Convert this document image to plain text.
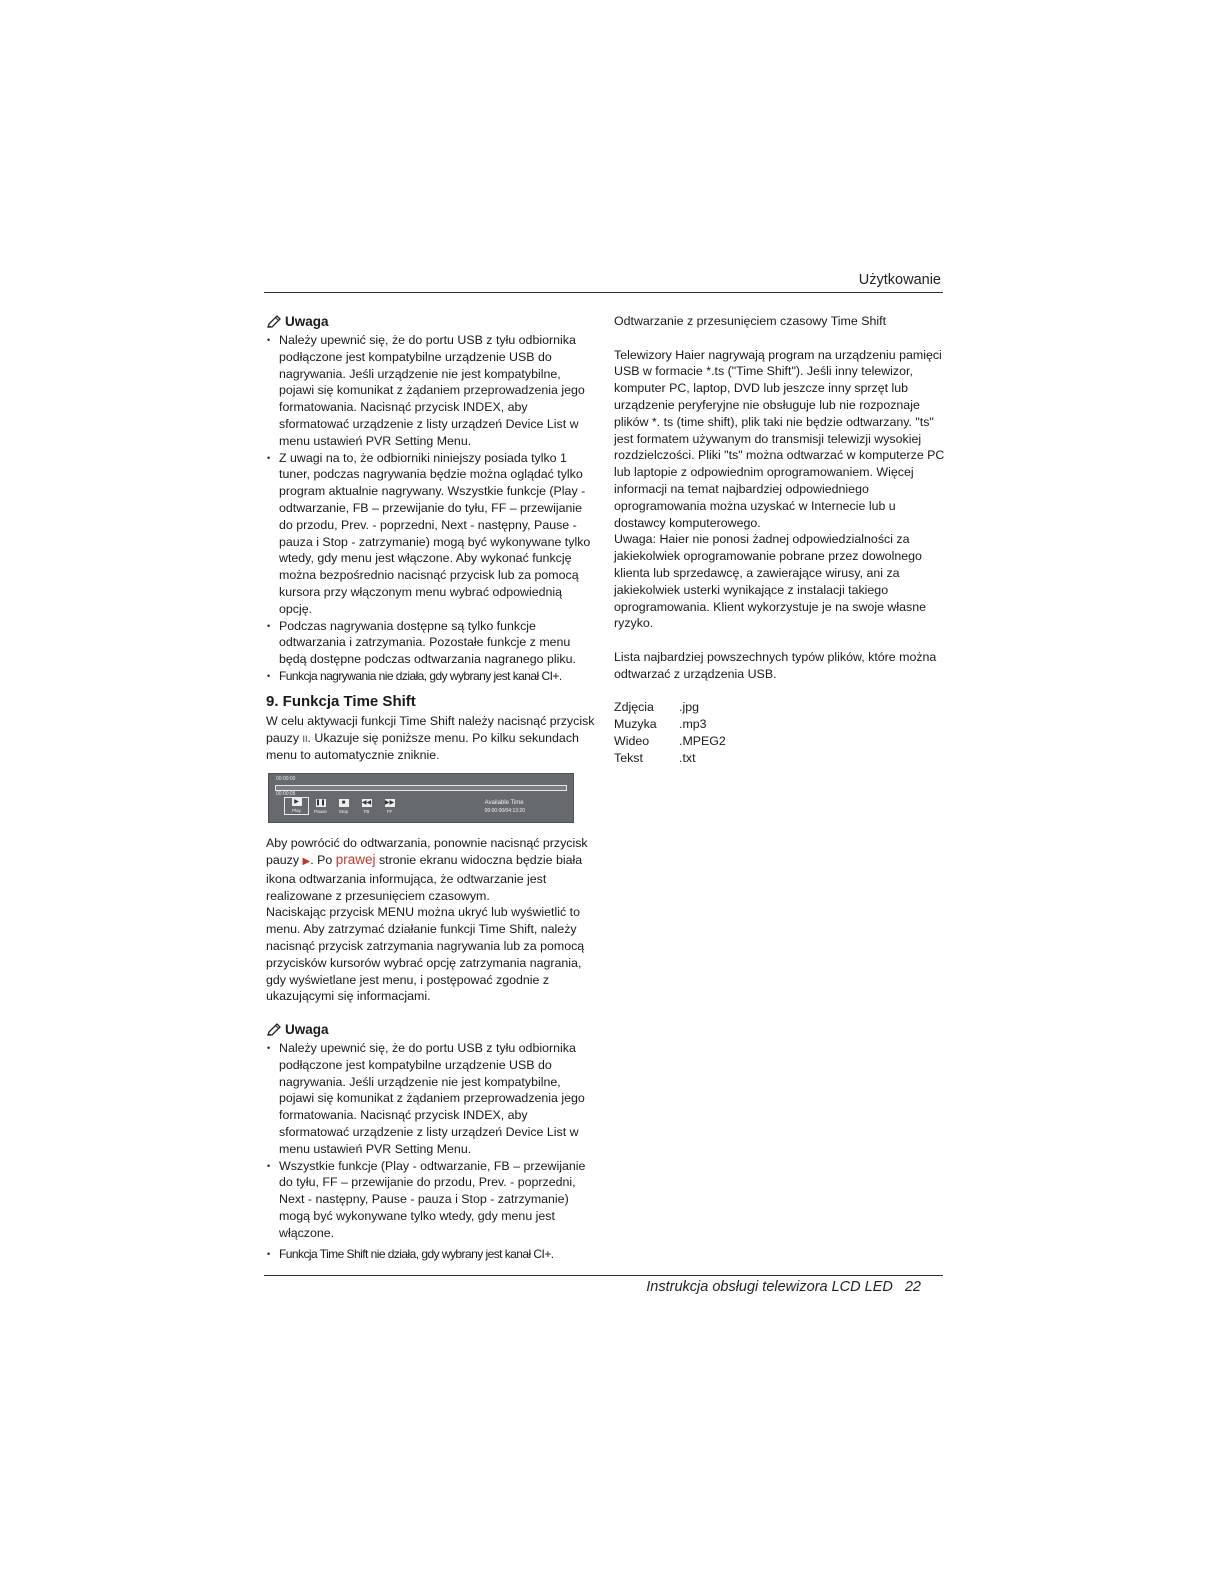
Użytkowanie
Uwaga
• Należy upewnić się, że do portu USB z tyłu odbiornika podłączone jest kompatybilne urządzenie USB do nagrywania. Jeśli urządzenie nie jest kompatybilne, pojawi się komunikat z żądaniem przeprowadzenia jego formatowania. Nacisnąć przycisk INDEX, aby sformatować urządzenie z listy urządzeń Device List w menu ustawień PVR Setting Menu.
• Z uwagi na to, że odbiorniki niniejszy posiada tylko 1 tuner, podczas nagrywania będzie można oglądać tylko program aktualnie nagrywany. Wszystkie funkcje (Play - odtwarzanie, FB – przewijanie do tyłu, FF – przewijanie do przodu, Prev. - poprzedni, Next - następny, Pause - pauza i Stop - zatrzymanie) mogą być wykonywane tylko wtedy, gdy menu jest włączone. Aby wykonać funkcję można bezpośrednio nacisnąć przycisk lub za pomocą kursora przy włączonym menu wybrać odpowiednią opcję.
• Podczas nagrywania dostępne są tylko funkcje odtwarzania i zatrzymania. Pozostałe funkcje z menu będą dostępne podczas odtwarzania nagranego pliku.
• Funkcja nagrywania nie działa, gdy wybrany jest kanał CI+.
9. Funkcja Time Shift

W celu aktywacji funkcji Time Shift należy nacisnąć przycisk pauzy II. Ukazuje się poniższe menu. Po kilku sekundach menu to automatycznie zniknie.

00:00:00
00:00:05
▶
Play
❚❚
Pause
■
Stop
◀◀
FB
▶▶
FF
Available Time
00:00:00/04:13:20

Aby powrócić do odtwarzania, ponownie nacisnąć przycisk pauzy ▶. Po prawej stronie ekranu widoczna będzie biała ikona odtwarzania informująca, że odtwarzanie jest realizowane z przesunięciem czasowym.

Naciskając przycisk MENU można ukryć lub wyświetlić to menu. Aby zatrzymać działanie funkcji Time Shift, należy nacisnąć przycisk zatrzymania nagrywania lub za pomocą przycisków kursorów wybrać opcję zatrzymania nagrania, gdy wyświetlane jest menu, i postępować zgodnie z ukazującymi się informacjami.

Uwaga
• Należy upewnić się, że do portu USB z tyłu odbiornika podłączone jest kompatybilne urządzenie USB do nagrywania. Jeśli urządzenie nie jest kompatybilne, pojawi się komunikat z żądaniem przeprowadzenia jego formatowania. Nacisnąć przycisk INDEX, aby sformatować urządzenie z listy urządzeń Device List w menu ustawień PVR Setting Menu.
• Wszystkie funkcje (Play - odtwarzanie, FB – przewijanie do tyłu, FF – przewijanie do przodu, Prev. - poprzedni, Next - następny, Pause - pauza i Stop - zatrzymanie) mogą być wykonywane tylko wtedy, gdy menu jest włączone.
• Funkcja Time Shift nie działa, gdy wybrany jest kanał CI+.

Odtwarzanie z przesunięciem czasowy Time Shift

Telewizory Haier nagrywają program na urządzeniu pamięci USB w formacie *.ts ("Time Shift"). Jeśli inny telewizor, komputer PC, laptop, DVD lub jeszcze inny sprzęt lub urządzenie peryferyjne nie obsługuje lub nie rozpoznaje plików *. ts (time shift), plik taki nie będzie odtwarzany. "ts" jest formatem używanym do transmisji telewizji wysokiej rozdzielczości. Pliki "ts" można odtwarzać w komputerze PC lub laptopie z odpowiednim oprogramowaniem. Więcej informacji na temat najbardziej odpowiedniego oprogramowania można uzyskać w Internecie lub u dostawcy komputerowego.

Uwaga: Haier nie ponosi żadnej odpowiedzialności za jakiekolwiek oprogramowanie pobrane przez dowolnego klienta lub sprzedawcę, a zawierające wirusy, ani za jakiekolwiek usterki wynikające z instalacji takiego oprogramowania. Klient wykorzystuje je na swoje własne ryzyko.

Lista najbardziej powszechnych typów plików, które można odtwarzać z urządzenia USB.

Zdjęcia	.jpg
Muzyka	.mp3
Wideo	.MPEG2
Tekst	.txt
Instrukcja obsługi telewizora LCD LED 22
